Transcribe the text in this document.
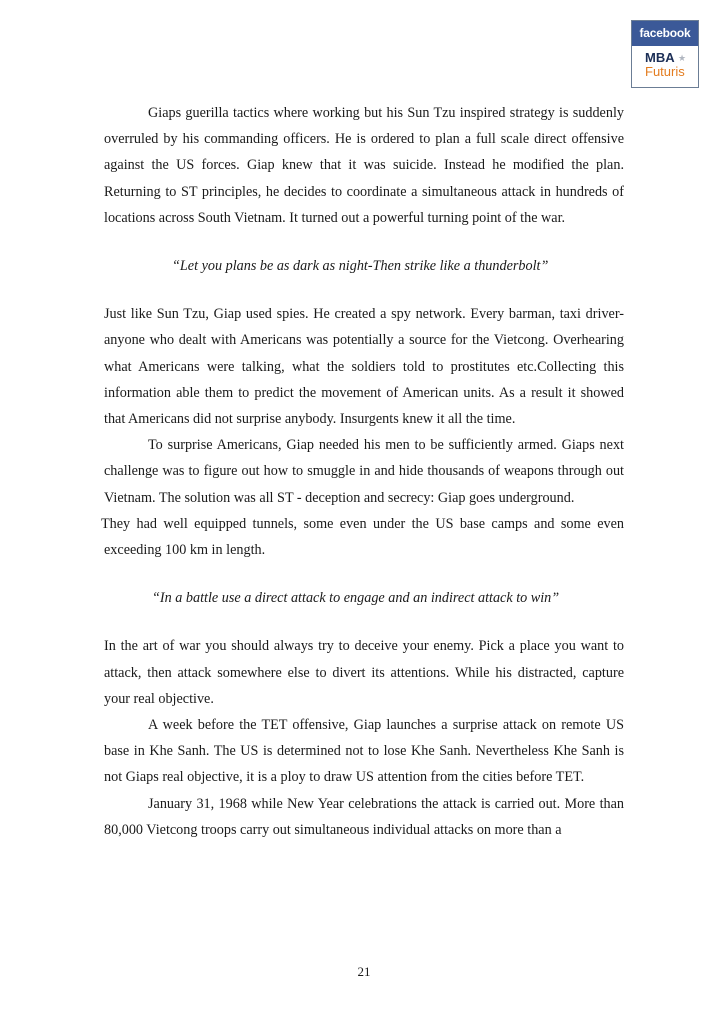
facebook
MBA ★
Futuris

Giaps guerilla tactics where working but his Sun Tzu inspired strategy is suddenly overruled by his commanding officers. He is ordered to plan a full scale direct offensive against the US forces. Giap knew that it was suicide. Instead he modified the plan. Returning to ST principles, he decides to coordinate a simultaneous attack in hundreds of locations across South Vietnam. It turned out a powerful turning point of the war.

“Let you plans be as dark as night-Then strike like a thunderbolt”

Just like Sun Tzu, Giap used spies. He created a spy network. Every barman, taxi driver- anyone who dealt with Americans was potentially a source for the Vietcong. Overhearing what Americans were talking, what the soldiers told to prostitutes etc.Collecting this information able them to predict the movement of American units. As a result it showed that Americans did not surprise anybody. Insurgents knew it all the time.

To surprise Americans, Giap needed his men to be sufficiently armed. Giaps next challenge was to figure out how to smuggle in and hide thousands of weapons through out Vietnam. The solution was all ST - deception and secrecy: Giap goes underground.

They had well equipped tunnels, some even under the US base camps and some even exceeding 100 km in length.

“In a battle use a direct attack to engage and an indirect attack to win”

In the art of war you should always try to deceive your enemy. Pick a place you want to attack, then attack somewhere else to divert its attentions. While his distracted, capture your real objective.

A week before the TET offensive, Giap launches a surprise attack on remote US base in Khe Sanh. The US is determined not to lose Khe Sanh. Nevertheless Khe Sanh is not Giaps real objective, it is a ploy to draw US attention from the cities before TET.

January 31, 1968 while New Year celebrations the attack is carried out. More than 80,000 Vietcong troops carry out simultaneous individual attacks on more than a

21
